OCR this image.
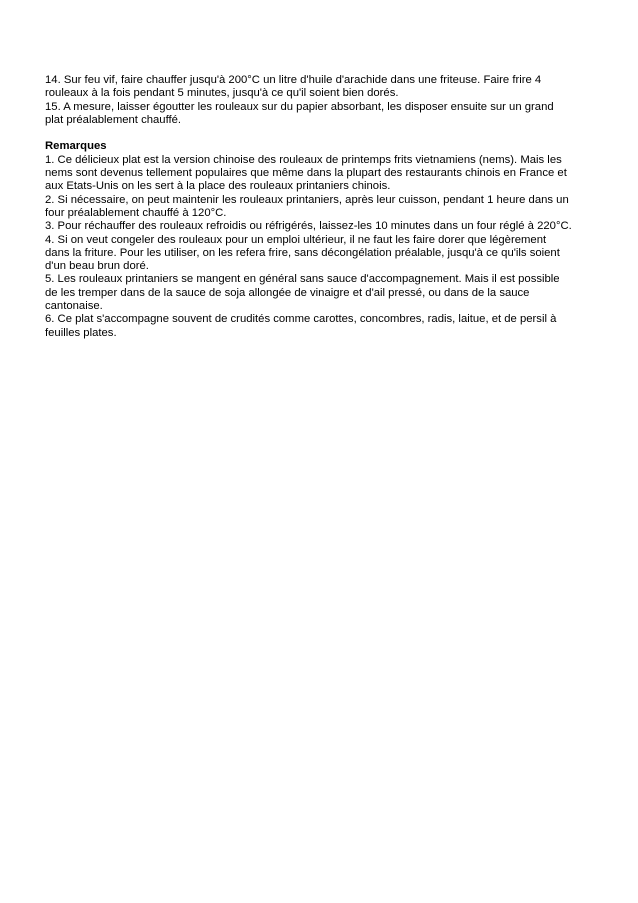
14. Sur feu vif, faire chauffer jusqu'à 200°C un litre d'huile d'arachide dans une friteuse. Faire frire 4 rouleaux à la fois pendant 5 minutes, jusqu'à ce qu'il soient bien dorés.

15. A mesure, laisser égoutter les rouleaux sur du papier absorbant, les disposer ensuite sur un grand plat préalablement chauffé.

Remarques

1. Ce délicieux plat est la version chinoise des rouleaux de printemps frits vietnamiens (nems). Mais les nems sont devenus tellement populaires que même dans la plupart des restaurants chinois en France et aux Etats-Unis on les sert à la place des rouleaux printaniers chinois.

2. Si nécessaire, on peut maintenir les rouleaux printaniers, après leur cuisson, pendant 1 heure dans un four préalablement chauffé à 120°C.

3. Pour réchauffer des rouleaux refroidis ou réfrigérés, laissez-les 10 minutes dans un four réglé à 220°C.

4. Si on veut congeler des rouleaux pour un emploi ultérieur, il ne faut les faire dorer que légèrement dans la friture. Pour les utiliser, on les refera frire, sans décongélation préalable, jusqu'à ce qu'ils soient d'un beau brun doré.

5. Les rouleaux printaniers se mangent en général sans sauce d'accompagnement. Mais il est possible de les tremper dans de la sauce de soja allongée de vinaigre et d'ail pressé, ou dans de la sauce cantonaise.

6. Ce plat s'accompagne souvent de crudités comme carottes, concombres, radis, laitue, et de persil à feuilles plates.
